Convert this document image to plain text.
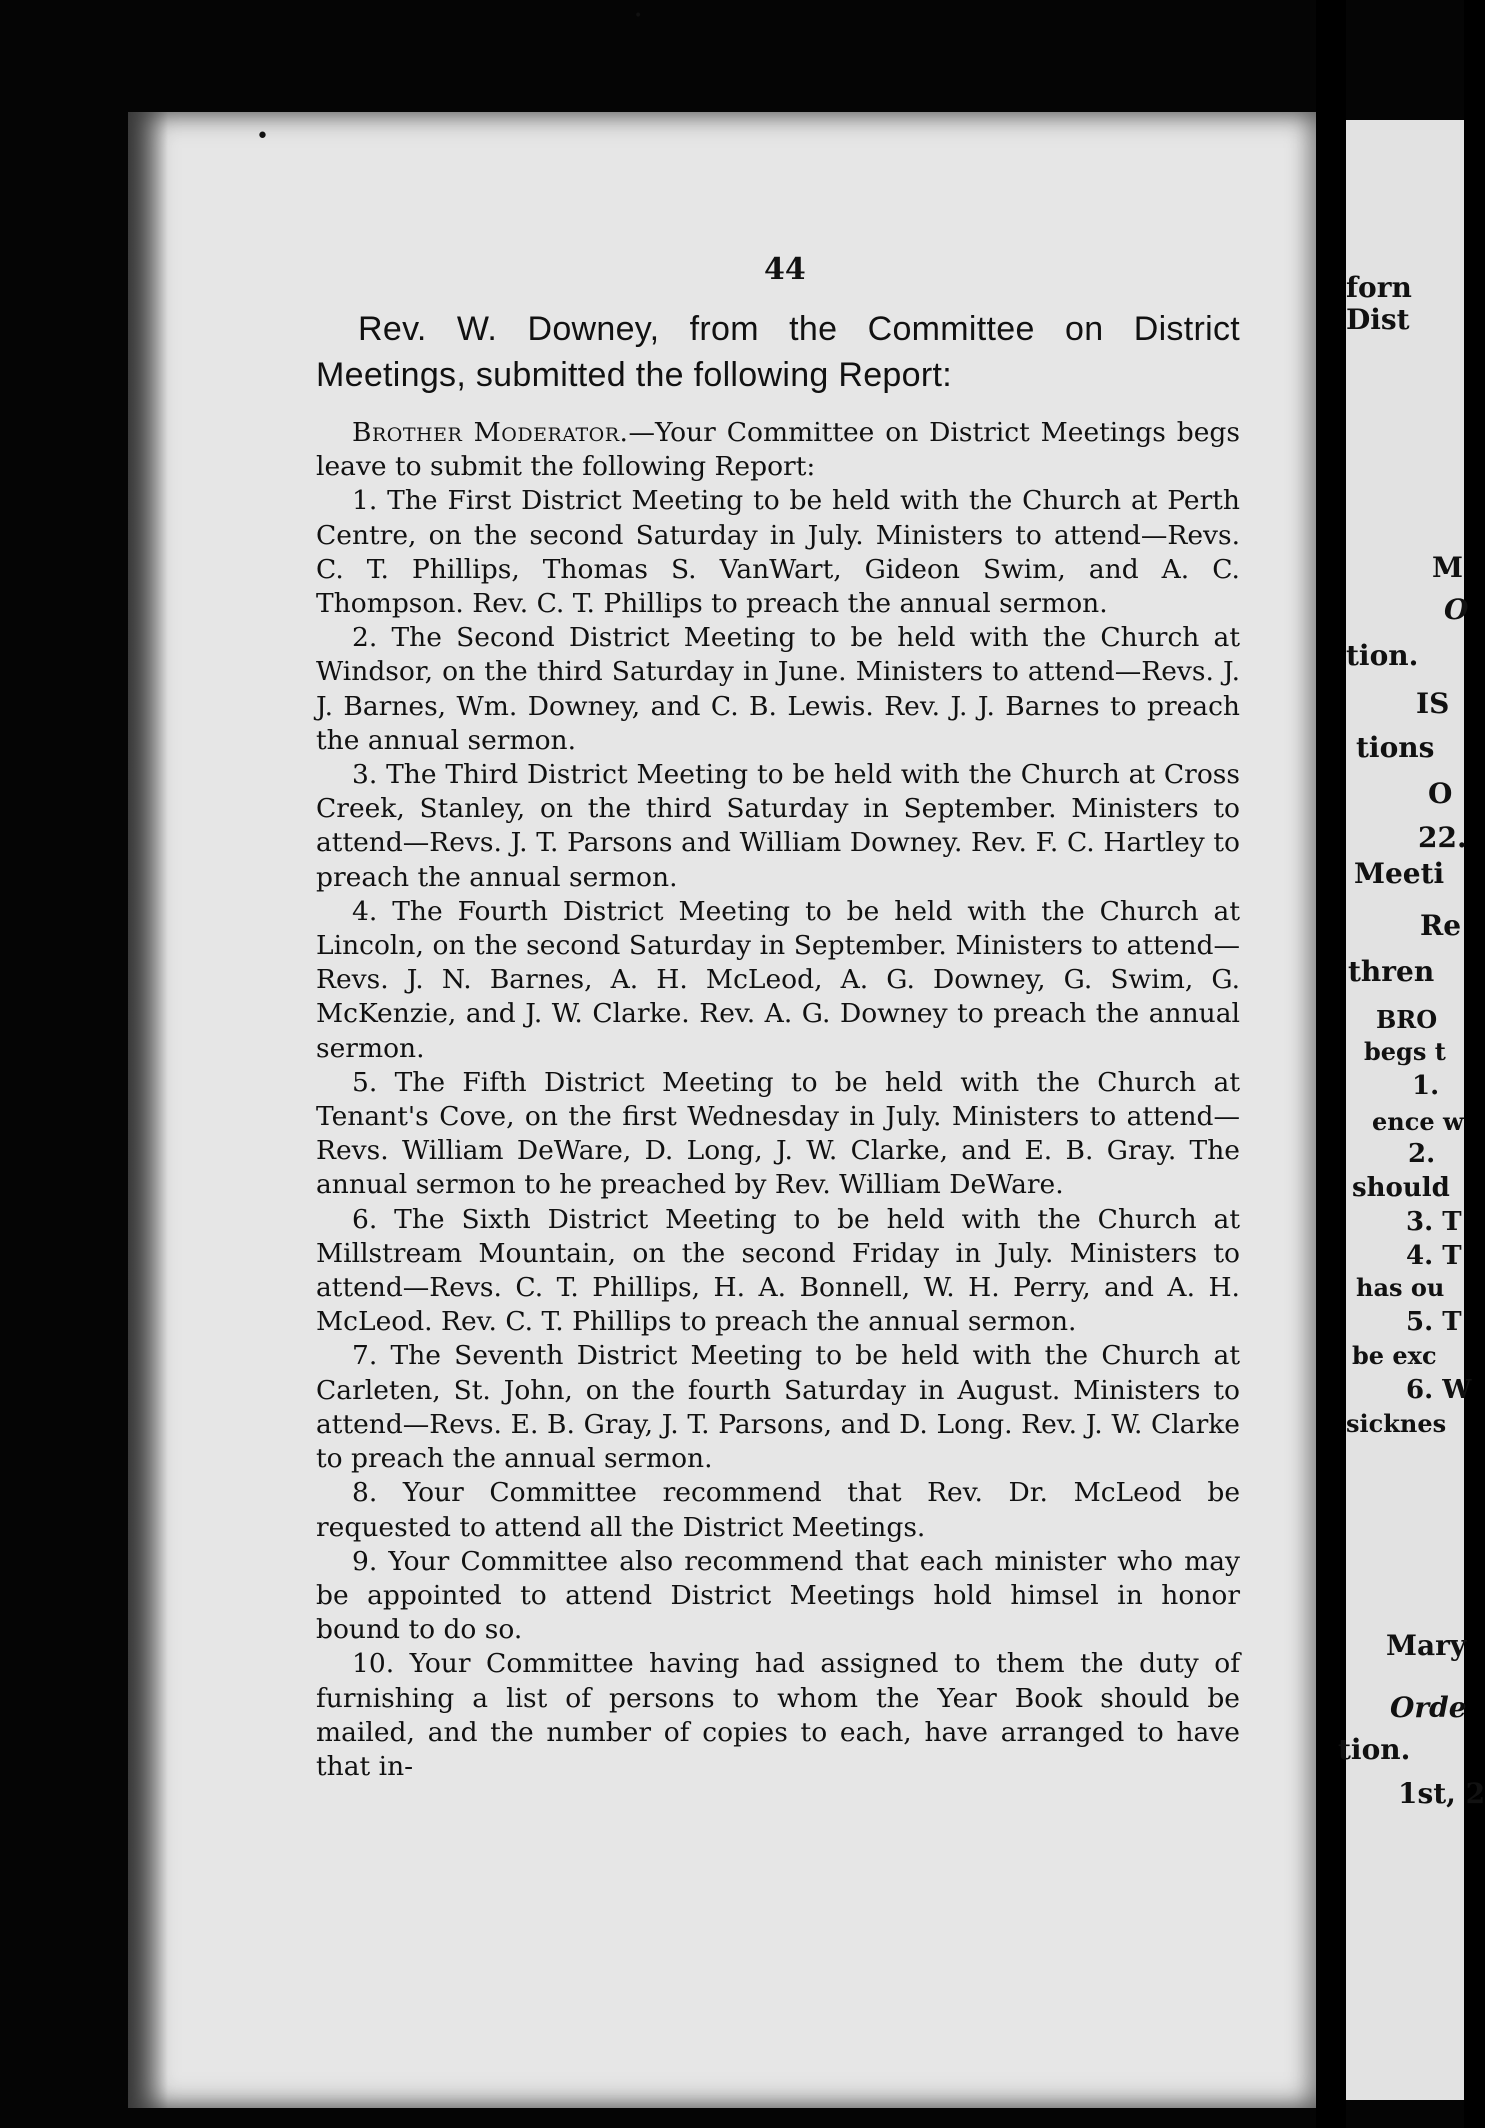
forn
Dist
M
O
tion.
IS
tions
O
22.
Meeti
Re
thren
BRO
begs t
1.
ence w
2.
should
3. T
4. T
has ou
5. T
be exc
6. W
sicknes
Mary
Orde
tion.
1st, 2
44

Rev. W. Downey, from the Committee on District Meetings, submitted the following Report:

Brother Moderator.—Your Committee on District Meetings begs leave to submit the following Report:

1. The First District Meeting to be held with the Church at Perth Centre, on the second Saturday in July. Ministers to attend—Revs. C. T. Phillips, Thomas S. VanWart, Gideon Swim, and A. C. Thompson. Rev. C. T. Phillips to preach the annual sermon.

2. The Second District Meeting to be held with the Church at Windsor, on the third Saturday in June. Ministers to attend—Revs. J. J. Barnes, Wm. Downey, and C. B. Lewis. Rev. J. J. Barnes to preach the annual sermon.

3. The Third District Meeting to be held with the Church at Cross Creek, Stanley, on the third Saturday in September. Ministers to attend—Revs. J. T. Parsons and William Downey. Rev. F. C. Hartley to preach the annual sermon.

4. The Fourth District Meeting to be held with the Church at Lincoln, on the second Saturday in September. Ministers to attend—Revs. J. N. Barnes, A. H. McLeod, A. G. Downey, G. Swim, G. McKenzie, and J. W. Clarke. Rev. A. G. Downey to preach the annual sermon.

5. The Fifth District Meeting to be held with the Church at Tenant's Cove, on the first Wednesday in July. Ministers to attend—Revs. William DeWare, D. Long, J. W. Clarke, and E. B. Gray. The annual sermon to he preached by Rev. William DeWare.

6. The Sixth District Meeting to be held with the Church at Millstream Mountain, on the second Friday in July. Ministers to attend—Revs. C. T. Phillips, H. A. Bonnell, W. H. Perry, and A. H. McLeod. Rev. C. T. Phillips to preach the annual sermon.

7. The Seventh District Meeting to be held with the Church at Carleten, St. John, on the fourth Saturday in August. Ministers to attend—Revs. E. B. Gray, J. T. Parsons, and D. Long. Rev. J. W. Clarke to preach the annual sermon.

8. Your Committee recommend that Rev. Dr. McLeod be requested to attend all the District Meetings.

9. Your Committee also recommend that each minister who may be appointed to attend District Meetings hold himsel in honor bound to do so.

10. Your Committee having had assigned to them the duty of furnishing a list of persons to whom the Year Book should be mailed, and the number of copies to each, have arranged to have that in-

•
•
